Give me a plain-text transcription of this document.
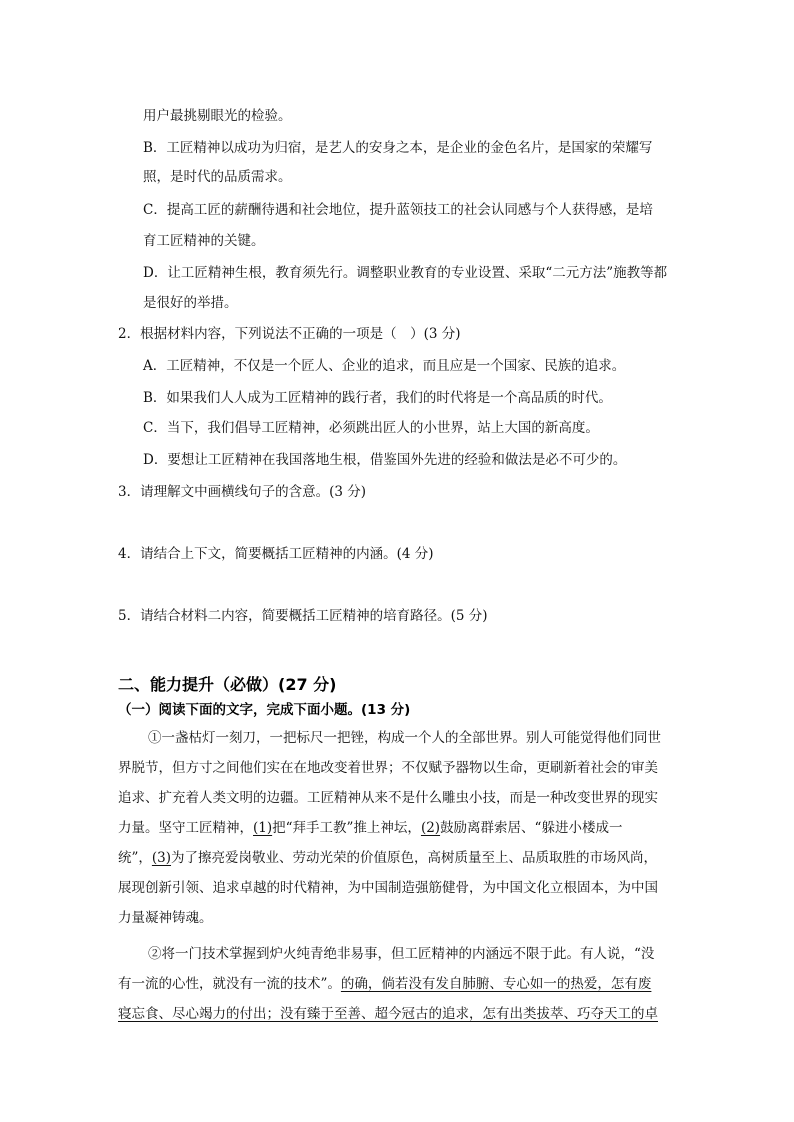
用户最挑剔眼光的检验。
B．工匠精神以成功为归宿，是艺人的安身之本，是企业的金色名片，是国家的荣耀写
照，是时代的品质需求。
C．提高工匠的薪酬待遇和社会地位，提升蓝领技工的社会认同感与个人获得感，是培
育工匠精神的关键。
D．让工匠精神生根，教育须先行。调整职业教育的专业设置、采取“二元方法”施教等都
是很好的举措。
2．根据材料内容，下列说法不正确的一项是（　）(3 分)
A．工匠精神，不仅是一个匠人、企业的追求，而且应是一个国家、民族的追求。
B．如果我们人人成为工匠精神的践行者，我们的时代将是一个高品质的时代。
C．当下，我们倡导工匠精神，必须跳出匠人的小世界，站上大国的新高度。
D．要想让工匠精神在我国落地生根，借鉴国外先进的经验和做法是必不可少的。
3．请理解文中画横线句子的含意。(3 分)
4．请结合上下文，简要概括工匠精神的内涵。(4 分)
5．请结合材料二内容，简要概括工匠精神的培育路径。(5 分)
二、能力提升（必做）(27 分)
（一）阅读下面的文字，完成下面小题。(13 分)
①一盏枯灯一刻刀，一把标尺一把锉，构成一个人的全部世界。别人可能觉得他们同世
界脱节，但方寸之间他们实在在地改变着世界；不仅赋予器物以生命，更刷新着社会的审美
追求、扩充着人类文明的边疆。工匠精神从来不是什么雕虫小技，而是一种改变世界的现实
力量。坚守工匠精神，(1)把“拜手工教”推上神坛，(2)鼓励离群索居、“躲进小楼成一
统”，(3)为了擦亮爱岗敬业、劳动光荣的价值原色，高树质量至上、品质取胜的市场风尚，
展现创新引领、追求卓越的时代精神，为中国制造强筋健骨，为中国文化立根固本，为中国
力量凝神铸魂。
②将一门技术掌握到炉火纯青绝非易事，但工匠精神的内涵远不限于此。有人说，“没
有一流的心性，就没有一流的技术”。的确，倘若没有发自肺腑、专心如一的热爱，怎有废
寝忘食、尽心竭力的付出；没有臻于至善、超今冠古的追求，怎有出类拔萃、巧夺天工的卓
